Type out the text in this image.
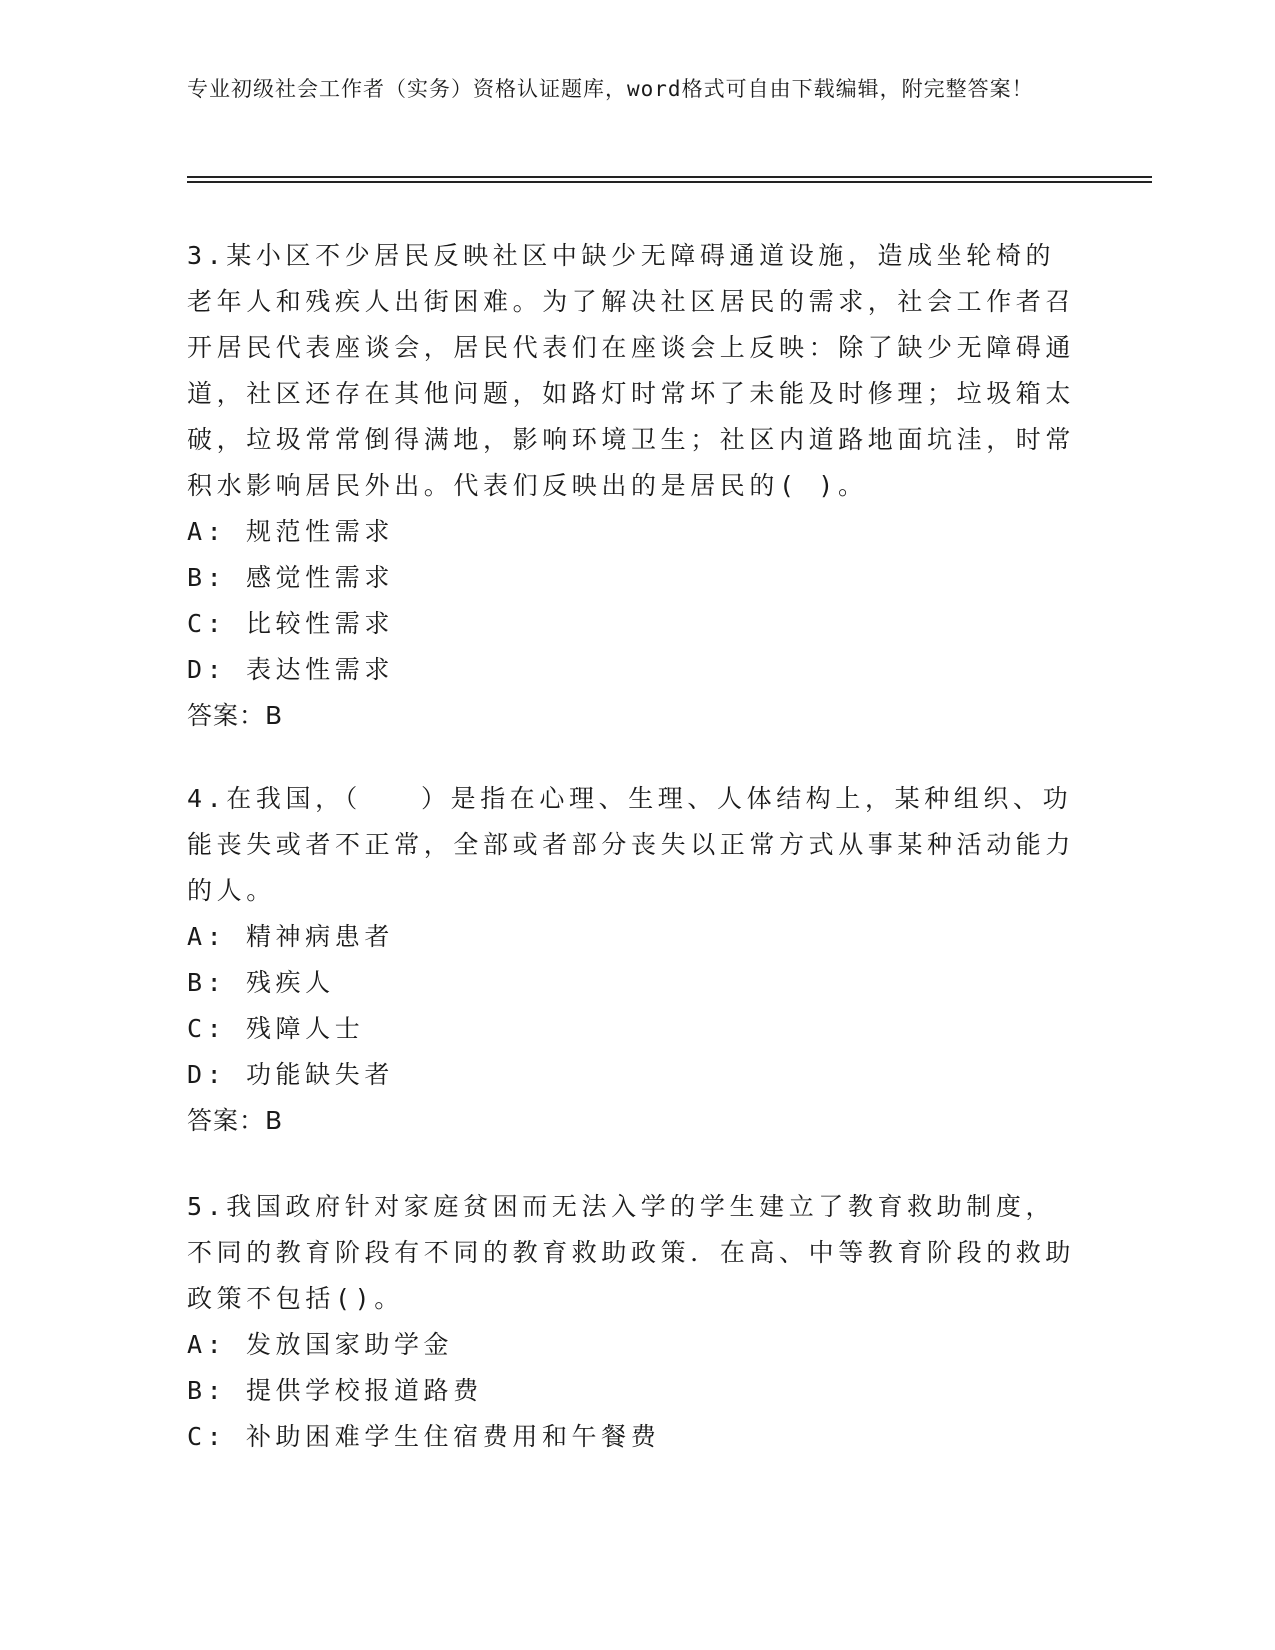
专业初级社会工作者（实务）资格认证题库，word格式可自由下载编辑，附完整答案！

3.某小区不少居民反映社区中缺少无障碍通道设施，造成坐轮椅的老年人和残疾人出街困难。为了解决社区居民的需求，社会工作者召开居民代表座谈会，居民代表们在座谈会上反映：除了缺少无障碍通道，社区还存在其他问题，如路灯时常坏了未能及时修理；垃圾箱太破，垃圾常常倒得满地，影响环境卫生；社区内道路地面坑洼，时常积水影响居民外出。代表们反映出的是居民的( )。

A: 规范性需求

B: 感觉性需求

C: 比较性需求

D: 表达性需求

答案：B

4.在我国，（　　）是指在心理、生理、人体结构上，某种组织、功能丧失或者不正常，全部或者部分丧失以正常方式从事某种活动能力的人。

A: 精神病患者

B: 残疾人

C: 残障人士

D: 功能缺失者

答案：B

5.我国政府针对家庭贫困而无法入学的学生建立了教育救助制度，不同的教育阶段有不同的教育救助政策．在高、中等教育阶段的救助政策不包括()。

A: 发放国家助学金

B: 提供学校报道路费

C: 补助困难学生住宿费用和午餐费
